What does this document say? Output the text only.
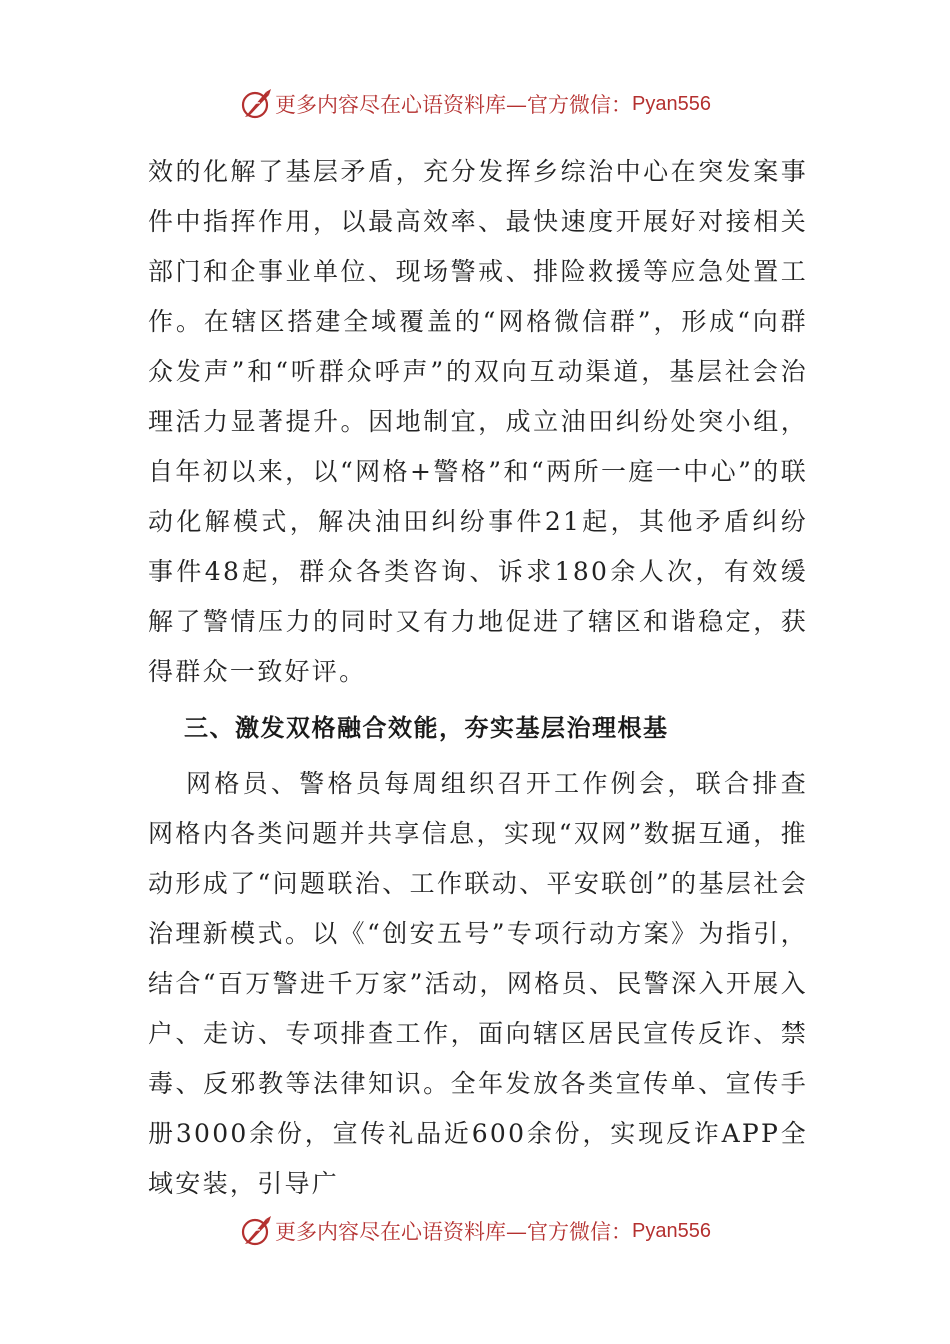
更多内容尽在心语资料库—官方微信： Pyan556

效的化解了基层矛盾，充分发挥乡综治中心在突发案事件中指挥作用，以最高效率、最快速度开展好对接相关部门和企事业单位、现场警戒、排险救援等应急处置工作。在辖区搭建全域覆盖的“网格微信群”，形成“向群众发声”和“听群众呼声”的双向互动渠道，基层社会治理活力显著提升。因地制宜，成立油田纠纷处突小组，自年初以来，以“网格+警格”和“两所一庭一中心”的联动化解模式，解决油田纠纷事件21起，其他矛盾纠纷事件48起，群众各类咨询、诉求180余人次，有效缓解了警情压力的同时又有力地促进了辖区和谐稳定，获得群众一致好评。

三、激发双格融合效能，夯实基层治理根基

网格员、警格员每周组织召开工作例会，联合排查网格内各类问题并共享信息，实现“双网”数据互通，推动形成了“问题联治、工作联动、平安联创”的基层社会治理新模式。以《“创安五号”专项行动方案》为指引，结合“百万警进千万家”活动，网格员、民警深入开展入户、走访、专项排查工作，面向辖区居民宣传反诈、禁毒、反邪教等法律知识。全年发放各类宣传单、宣传手册3000余份，宣传礼品近600余份，实现反诈APP全域安装，引导广

更多内容尽在心语资料库—官方微信： Pyan556
